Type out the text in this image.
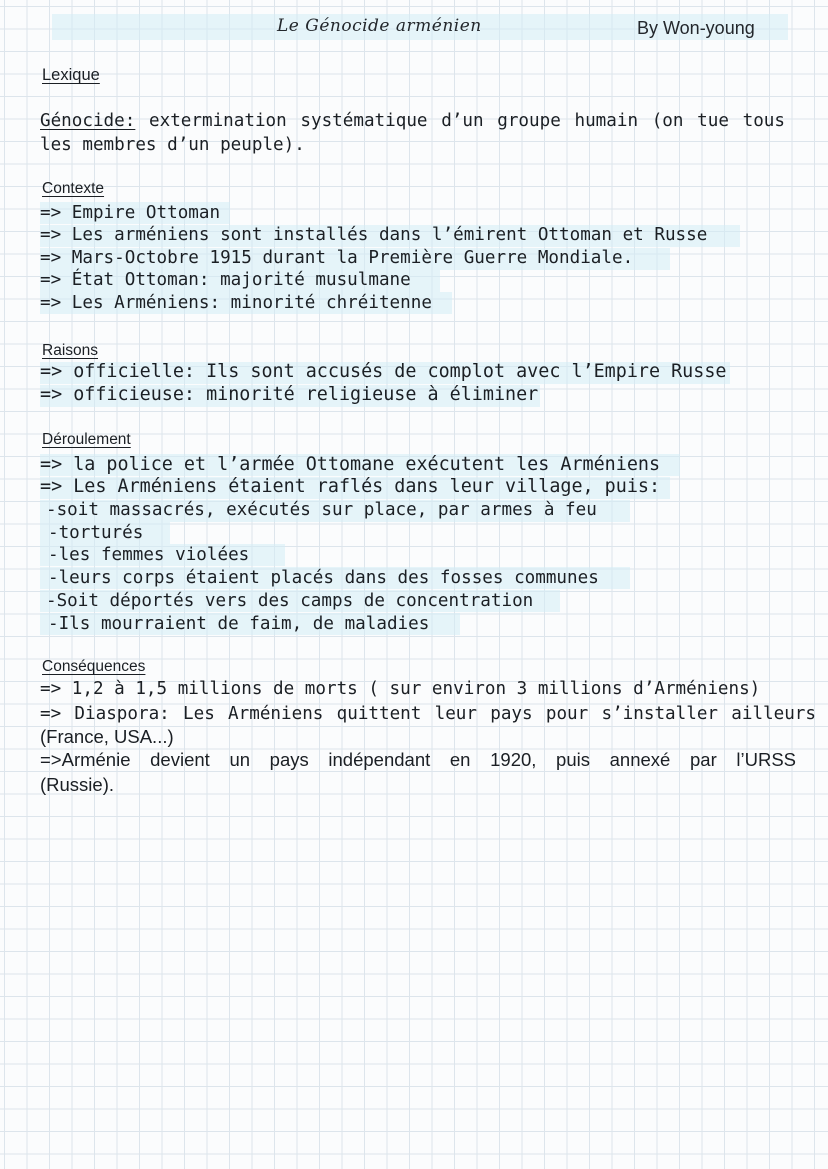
Le Génocide arménien	By Won-young
Lexique
Génocide: extermination systématique d’un groupe humain (on tue tous
les membres d’un peuple).
Contexte
=> Empire Ottoman
=> Les arméniens sont installés dans l’émirent Ottoman et Russe
=> Mars-Octobre 1915 durant la Première Guerre Mondiale.
=> État Ottoman: majorité musulmane
=> Les Arméniens: minorité chréitenne
Raisons
=> officielle: Ils sont accusés de complot avec l’Empire Russe
=> officieuse: minorité religieuse à éliminer
Déroulement
=> la police et l’armée Ottomane exécutent les Arméniens
=> Les Arméniens étaient raflés dans leur village, puis:
-soit massacrés, exécutés sur place, par armes à feu
-torturés
-les femmes violées
-leurs corps étaient placés dans des fosses communes
-Soit déportés vers des camps de concentration
-Ils mourraient de faim, de maladies
Conséquences
=> 1,2 à 1,5 millions de morts ( sur environ 3 millions d’Arméniens)
=> Diaspora: Les Arméniens quittent leur pays pour s’installer ailleurs
(France, USA...)
=>Arménie devient un pays indépendant en 1920, puis annexé par l’URSS
(Russie).
